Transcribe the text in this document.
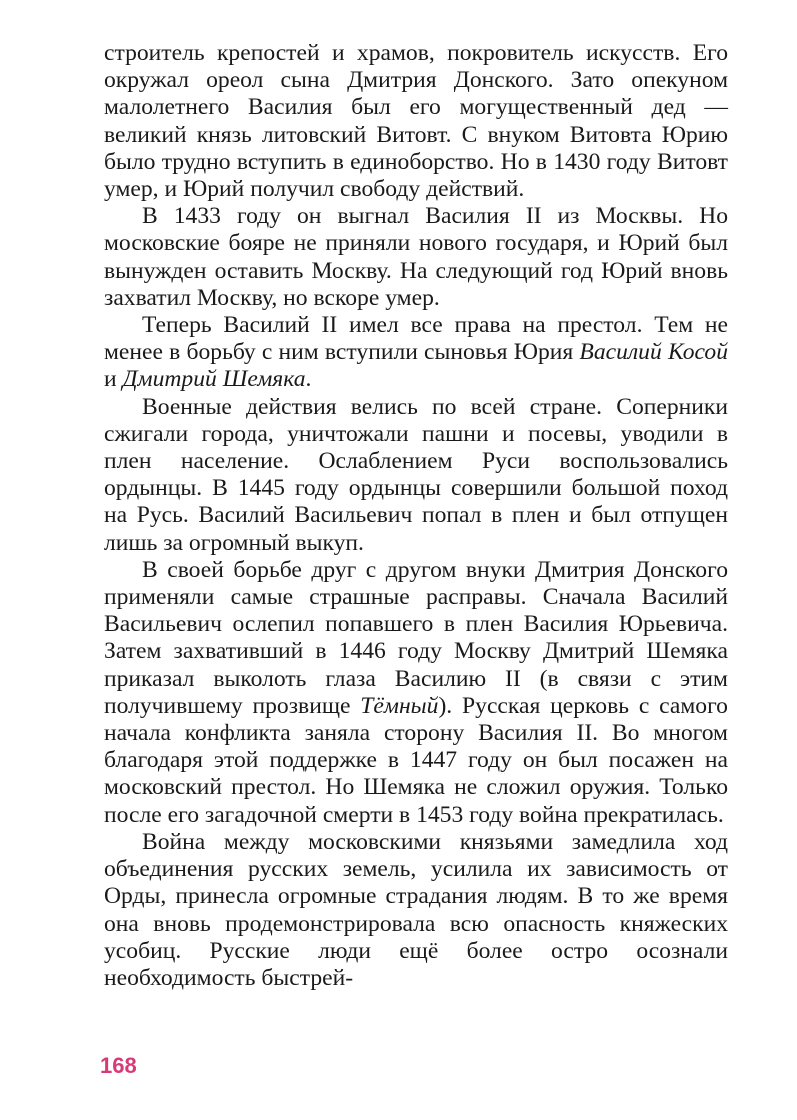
строитель крепостей и храмов, покровитель искусств. Его окружал ореол сына Дмитрия Донского. Зато опекуном малолетнего Василия был его могущественный дед — великий князь литовский Витовт. С внуком Витовта Юрию было трудно вступить в единоборство. Но в 1430 году Витовт умер, и Юрий получил свободу действий.

В 1433 году он выгнал Василия II из Москвы. Но московские бояре не приняли нового государя, и Юрий был вынужден оставить Москву. На следующий год Юрий вновь захватил Москву, но вскоре умер.

Теперь Василий II имел все права на престол. Тем не менее в борьбу с ним вступили сыновья Юрия Василий Косой и Дмитрий Шемяка.

Военные действия велись по всей стране. Соперники сжигали города, уничтожали пашни и посевы, уводили в плен население. Ослаблением Руси воспользовались ордынцы. В 1445 году ордынцы совершили большой поход на Русь. Василий Васильевич попал в плен и был отпущен лишь за огромный выкуп.

В своей борьбе друг с другом внуки Дмитрия Донского применяли самые страшные расправы. Сначала Василий Васильевич ослепил попавшего в плен Василия Юрьевича. Затем захвативший в 1446 году Москву Дмитрий Шемяка приказал выколоть глаза Василию II (в связи с этим получившему прозвище Тёмный). Русская церковь с самого начала конфликта заняла сторону Василия II. Во многом благодаря этой поддержке в 1447 году он был посажен на московский престол. Но Шемяка не сложил оружия. Только после его загадочной смерти в 1453 году война прекратилась.

Война между московскими князьями замедлила ход объединения русских земель, усилила их зависимость от Орды, принесла огромные страдания людям. В то же время она вновь продемонстрировала всю опасность княжеских усобиц. Русские люди ещё более остро осознали необходимость быстрей-

168
